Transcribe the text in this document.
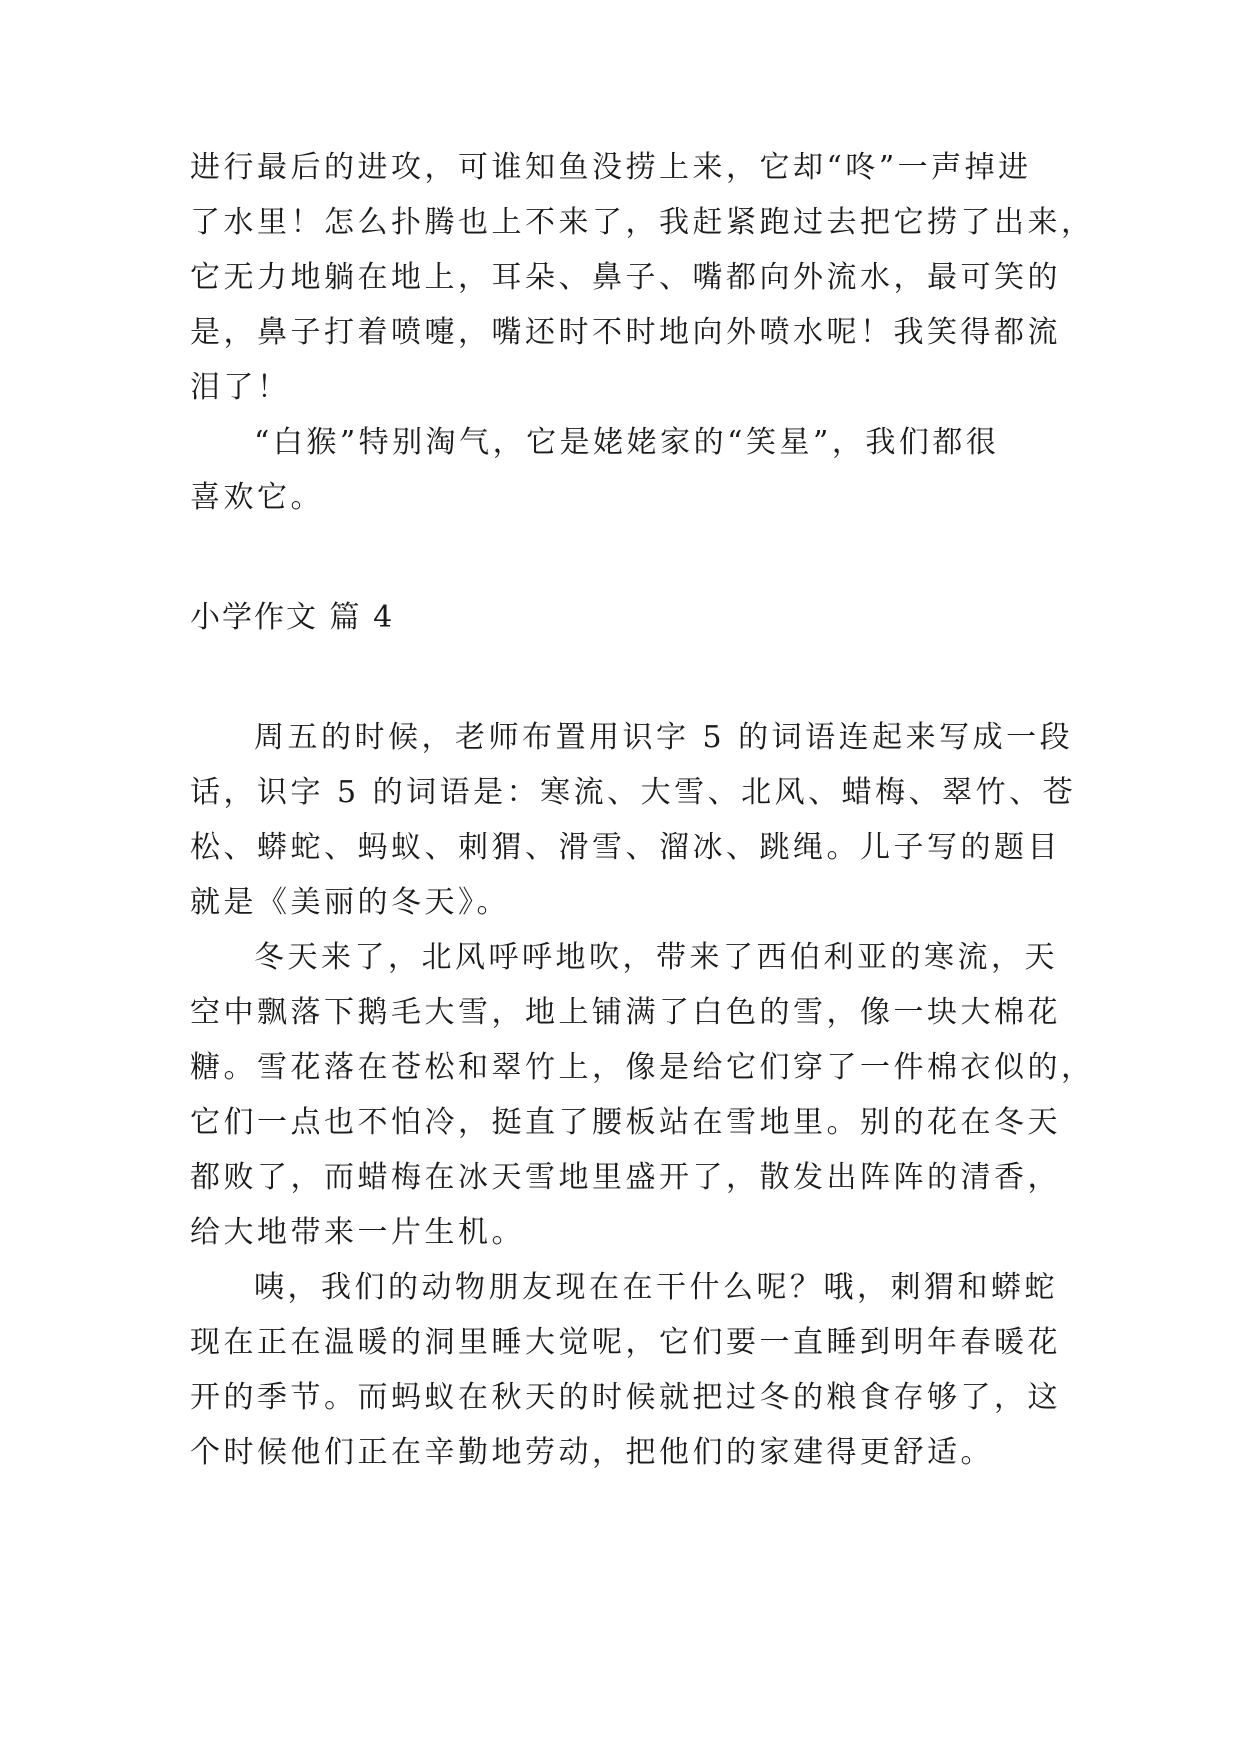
进行最后的进攻，可谁知鱼没捞上来，它却“咚”一声掉进
了水里！怎么扑腾也上不来了，我赶紧跑过去把它捞了出来，
它无力地躺在地上，耳朵、鼻子、嘴都向外流水，最可笑的
是，鼻子打着喷嚏，嘴还时不时地向外喷水呢！我笑得都流
泪了！
“白猴”特别淘气，它是姥姥家的“笑星”，我们都很
喜欢它。
小学作文 篇 4
周五的时候，老师布置用识字 5 的词语连起来写成一段
话，识字 5 的词语是：寒流、大雪、北风、蜡梅、翠竹、苍
松、蟒蛇、蚂蚁、刺猬、滑雪、溜冰、跳绳。儿子写的题目
就是《美丽的冬天》。
冬天来了，北风呼呼地吹，带来了西伯利亚的寒流，天
空中飘落下鹅毛大雪，地上铺满了白色的雪，像一块大棉花
糖。雪花落在苍松和翠竹上，像是给它们穿了一件棉衣似的，
它们一点也不怕冷，挺直了腰板站在雪地里。别的花在冬天
都败了，而蜡梅在冰天雪地里盛开了，散发出阵阵的清香，
给大地带来一片生机。
咦，我们的动物朋友现在在干什么呢？哦，刺猬和蟒蛇
现在正在温暖的洞里睡大觉呢，它们要一直睡到明年春暖花
开的季节。而蚂蚁在秋天的时候就把过冬的粮食存够了，这
个时候他们正在辛勤地劳动，把他们的家建得更舒适。
